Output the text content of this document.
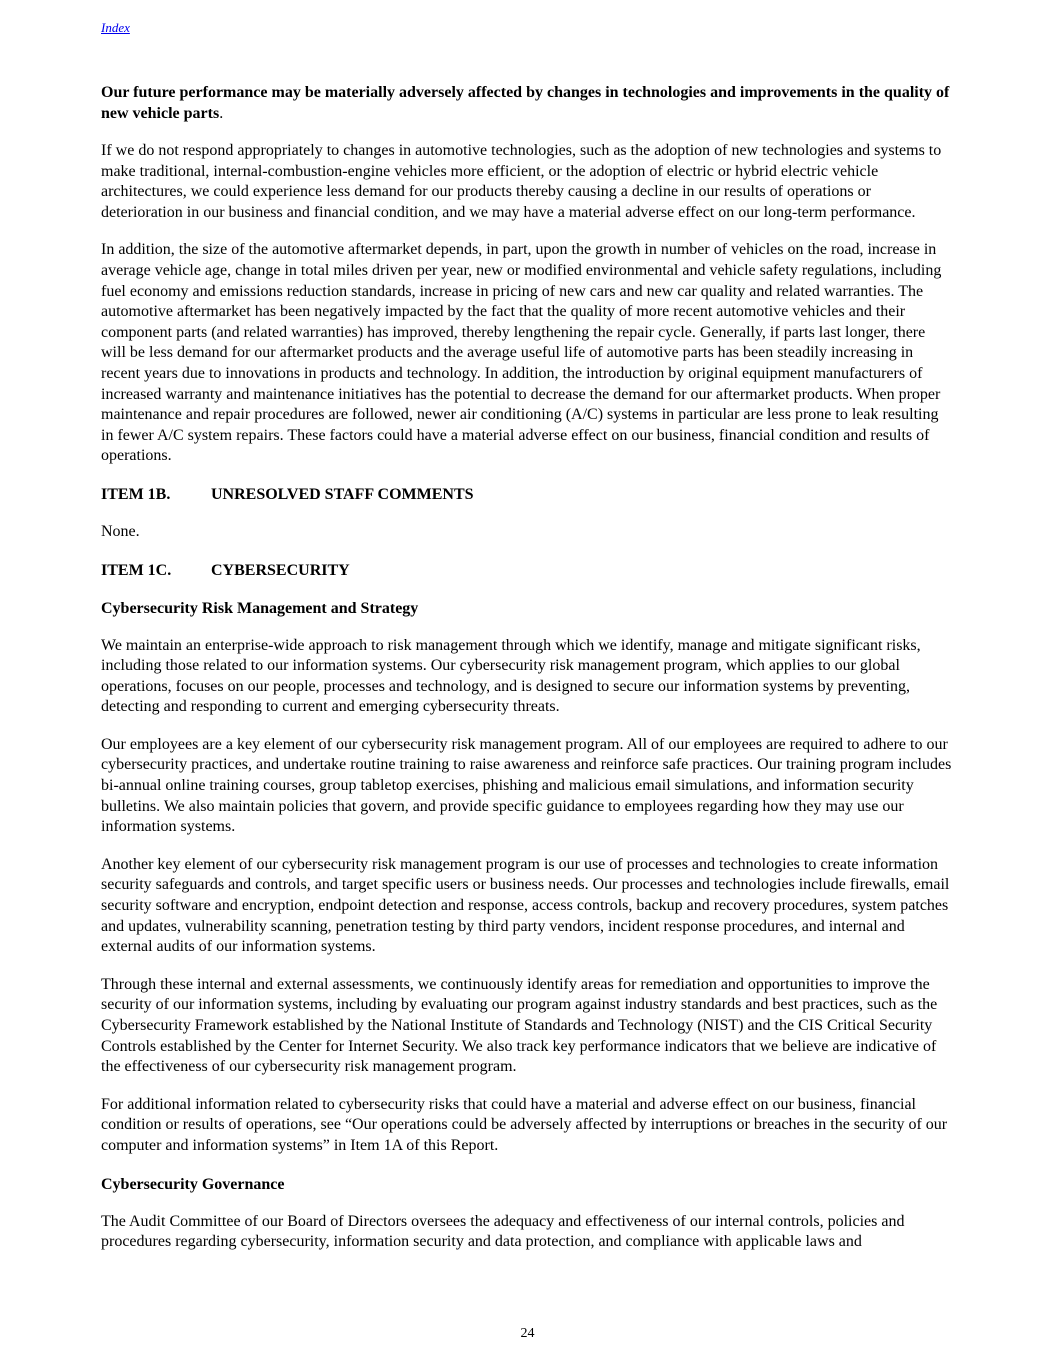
Index
Our future performance may be materially adversely affected by changes in technologies and improvements in the quality of new vehicle parts.

If we do not respond appropriately to changes in automotive technologies, such as the adoption of new technologies and systems to make traditional, internal-combustion-engine vehicles more efficient, or the adoption of electric or hybrid electric vehicle architectures, we could experience less demand for our products thereby causing a decline in our results of operations or deterioration in our business and financial condition, and we may have a material adverse effect on our long-term performance.

In addition, the size of the automotive aftermarket depends, in part, upon the growth in number of vehicles on the road, increase in average vehicle age, change in total miles driven per year, new or modified environmental and vehicle safety regulations, including fuel economy and emissions reduction standards, increase in pricing of new cars and new car quality and related warranties. The automotive aftermarket has been negatively impacted by the fact that the quality of more recent automotive vehicles and their component parts (and related warranties) has improved, thereby lengthening the repair cycle. Generally, if parts last longer, there will be less demand for our aftermarket products and the average useful life of automotive parts has been steadily increasing in recent years due to innovations in products and technology. In addition, the introduction by original equipment manufacturers of increased warranty and maintenance initiatives has the potential to decrease the demand for our aftermarket products. When proper maintenance and repair procedures are followed, newer air conditioning (A/C) systems in particular are less prone to leak resulting in fewer A/C system repairs. These factors could have a material adverse effect on our business, financial condition and results of operations.

ITEM 1B.	UNRESOLVED STAFF COMMENTS

None.

ITEM 1C.	CYBERSECURITY
Cybersecurity Risk Management and Strategy

We maintain an enterprise-wide approach to risk management through which we identify, manage and mitigate significant risks, including those related to our information systems. Our cybersecurity risk management program, which applies to our global operations, focuses on our people, processes and technology, and is designed to secure our information systems by preventing, detecting and responding to current and emerging cybersecurity threats.

Our employees are a key element of our cybersecurity risk management program. All of our employees are required to adhere to our cybersecurity practices, and undertake routine training to raise awareness and reinforce safe practices. Our training program includes bi-annual online training courses, group tabletop exercises, phishing and malicious email simulations, and information security bulletins. We also maintain policies that govern, and provide specific guidance to employees regarding how they may use our information systems.

Another key element of our cybersecurity risk management program is our use of processes and technologies to create information security safeguards and controls, and target specific users or business needs. Our processes and technologies include firewalls, email security software and encryption, endpoint detection and response, access controls, backup and recovery procedures, system patches and updates, vulnerability scanning, penetration testing by third party vendors, incident response procedures, and internal and external audits of our information systems.

Through these internal and external assessments, we continuously identify areas for remediation and opportunities to improve the security of our information systems, including by evaluating our program against industry standards and best practices, such as the Cybersecurity Framework established by the National Institute of Standards and Technology (NIST) and the CIS Critical Security Controls established by the Center for Internet Security. We also track key performance indicators that we believe are indicative of the effectiveness of our cybersecurity risk management program.

For additional information related to cybersecurity risks that could have a material and adverse effect on our business, financial condition or results of operations, see “Our operations could be adversely affected by interruptions or breaches in the security of our computer and information systems” in Item 1A of this Report.

Cybersecurity Governance

The Audit Committee of our Board of Directors oversees the adequacy and effectiveness of our internal controls, policies and procedures regarding cybersecurity, information security and data protection, and compliance with applicable laws and

24
